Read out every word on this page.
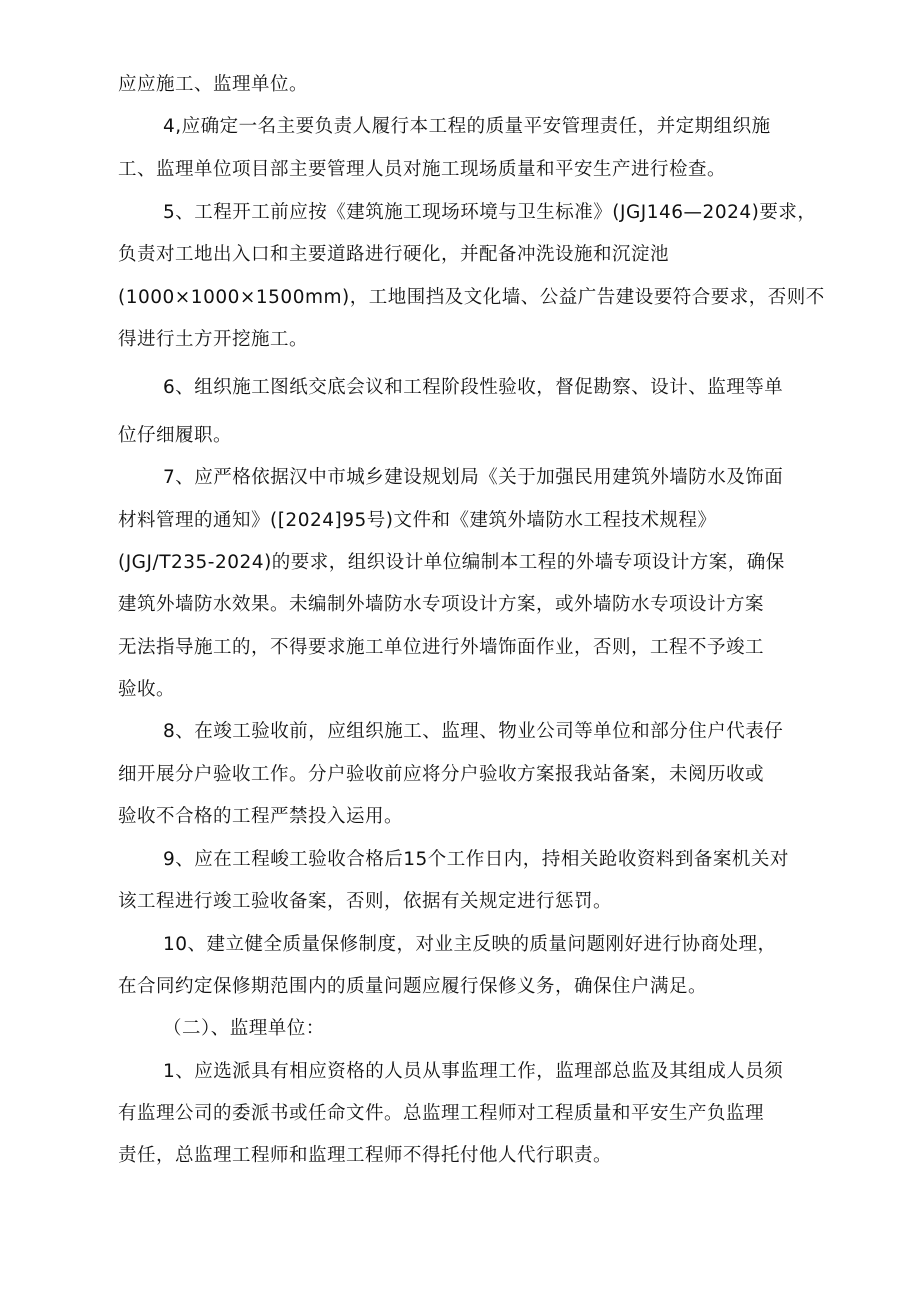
应应施工、监理单位。
4,应确定一名主要负责人履行本工程的质量平安管理责任，并定期组织施
工、监理单位项目部主要管理人员对施工现场质量和平安生产进行检查。
5、工程开工前应按《建筑施工现场环境与卫生标准》(JGJ146—2024)要求，
负责对工地出入口和主要道路进行硬化，并配备冲洗设施和沉淀池
(1000×1000×1500mm)，工地围挡及文化墙、公益广告建设要符合要求，否则不
得进行土方开挖施工。
6、组织施工图纸交底会议和工程阶段性验收，督促勘察、设计、监理等单
位仔细履职。
7、应严格依据汉中市城乡建设规划局《关于加强民用建筑外墙防水及饰面
材料管理的通知》([2024]95号)文件和《建筑外墙防水工程技术规程》
(JGJ/T235-2024)的要求，组织设计单位编制本工程的外墙专项设计方案，确保
建筑外墙防水效果。未编制外墙防水专项设计方案，或外墙防水专项设计方案
无法指导施工的，不得要求施工单位进行外墙饰面作业，否则，工程不予竣工
验收。
8、在竣工验收前，应组织施工、监理、物业公司等单位和部分住户代表仔
细开展分户验收工作。分户验收前应将分户验收方案报我站备案，未阅历收或
验收不合格的工程严禁投入运用。
9、应在工程峻工验收合格后15个工作日内，持相关跄收资料到备案机关对
该工程进行竣工验收备案，否则，依据有关规定进行惩罚。
10、建立健全质量保修制度，对业主反映的质量问题刚好进行协商处理，
在合同约定保修期范围内的质量问题应履行保修义务，确保住户满足。
（二）、监理单位：
1、应选派具有相应资格的人员从事监理工作，监理部总监及其组成人员须
有监理公司的委派书或任命文件。总监理工程师对工程质量和平安生产负监理
责任，总监理工程师和监理工程师不得托付他人代行职责。
